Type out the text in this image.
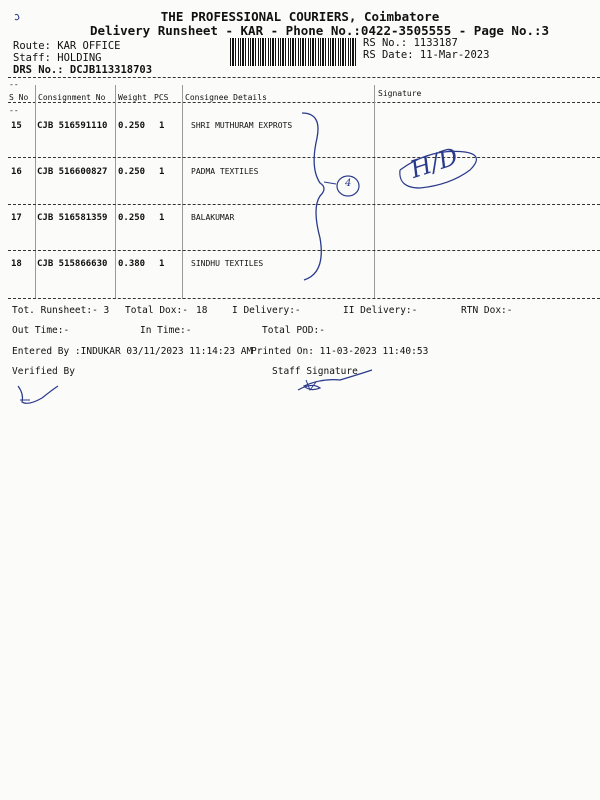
THE PROFESSIONAL COURIERS, Coimbatore
Delivery Runsheet - KAR - Phone No.:0422-3505555 - Page No.:3
Route: KAR OFFICE
Staff: HOLDING
DRS No.: DCJB113318703
RS No.: 1133187
RS Date: 11-Mar-2023
--
S No Consignment No Weight PCS Consignee Details	Signature
--
15 CJB 516591110 0.250 1	SHRI MUTHURAM EXPROTS
16 CJB 516600827 0.250 1	PADMA TEXTILES
17 CJB 516581359 0.250 1	BALAKUMAR
18 CJB 515866630 0.380 1	SINDHU TEXTILES
4 H/D
Tot. Runsheet:- 3 Total Dox:- 18	I Delivery:-	II Delivery:-	RTN Dox:-
Out Time:-	In Time:-	Total POD:-
Entered By :INDUKAR 03/11/2023 11:14:23 AM
Printed On: 11-03-2023 11:40:53
Verified By	Staff Signature
